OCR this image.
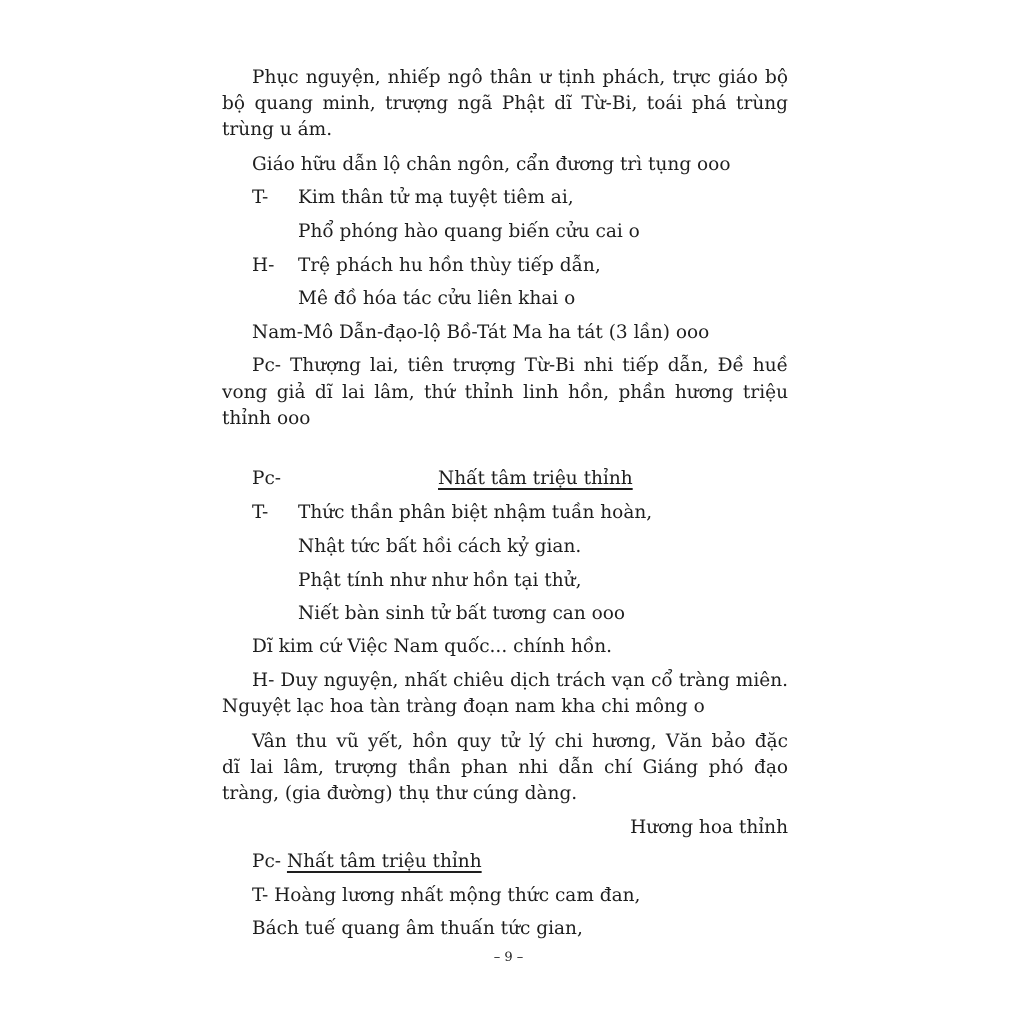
Phục nguyện, nhiếp ngô thân ư tịnh phách, trực giáo bộ
bộ quang minh, trượng ngã Phật dĩ Từ-Bi, toái phá trùng
trùng u ám.
Giáo hữu dẫn lộ chân ngôn, cẩn đương trì tụng ooo
T- Kim thân tử mạ tuyệt tiêm ai,
Phổ phóng hào quang biến cửu cai o
H- Trệ phách hu hồn thùy tiếp dẫn,
Mê đồ hóa tác cửu liên khai o
Nam-Mô Dẫn-đạo-lộ Bồ-Tát Ma ha tát (3 lần) ooo
Pc- Thượng lai, tiên trượng Từ-Bi nhi tiếp dẫn, Đề huề
vong giả dĩ lai lâm, thứ thỉnh linh hồn, phần hương triệu
thỉnh ooo
Pc-	Nhất tâm triệu thỉnh
T- Thức thần phân biệt nhậm tuần hoàn,
Nhật tức bất hồi cách kỷ gian.
Phật tính như như hồn tại thử,
Niết bàn sinh tử bất tương can ooo
Dĩ kim cứ Việc Nam quốc... chính hồn.
H- Duy nguyện, nhất chiêu dịch trách vạn cổ tràng miên.
Nguyệt lạc hoa tàn tràng đoạn nam kha chi mông o
Vân thu vũ yết, hồn quy tử lý chi hương, Văn bảo đặc
dĩ lai lâm, trượng thần phan nhi dẫn chí Giáng phó đạo
tràng, (gia đường) thụ thư cúng dàng.
Hương hoa thỉnh
Pc- Nhất tâm triệu thỉnh
T- Hoàng lương nhất mộng thức cam đan,
Bách tuế quang âm thuấn tức gian,
– 9 –
